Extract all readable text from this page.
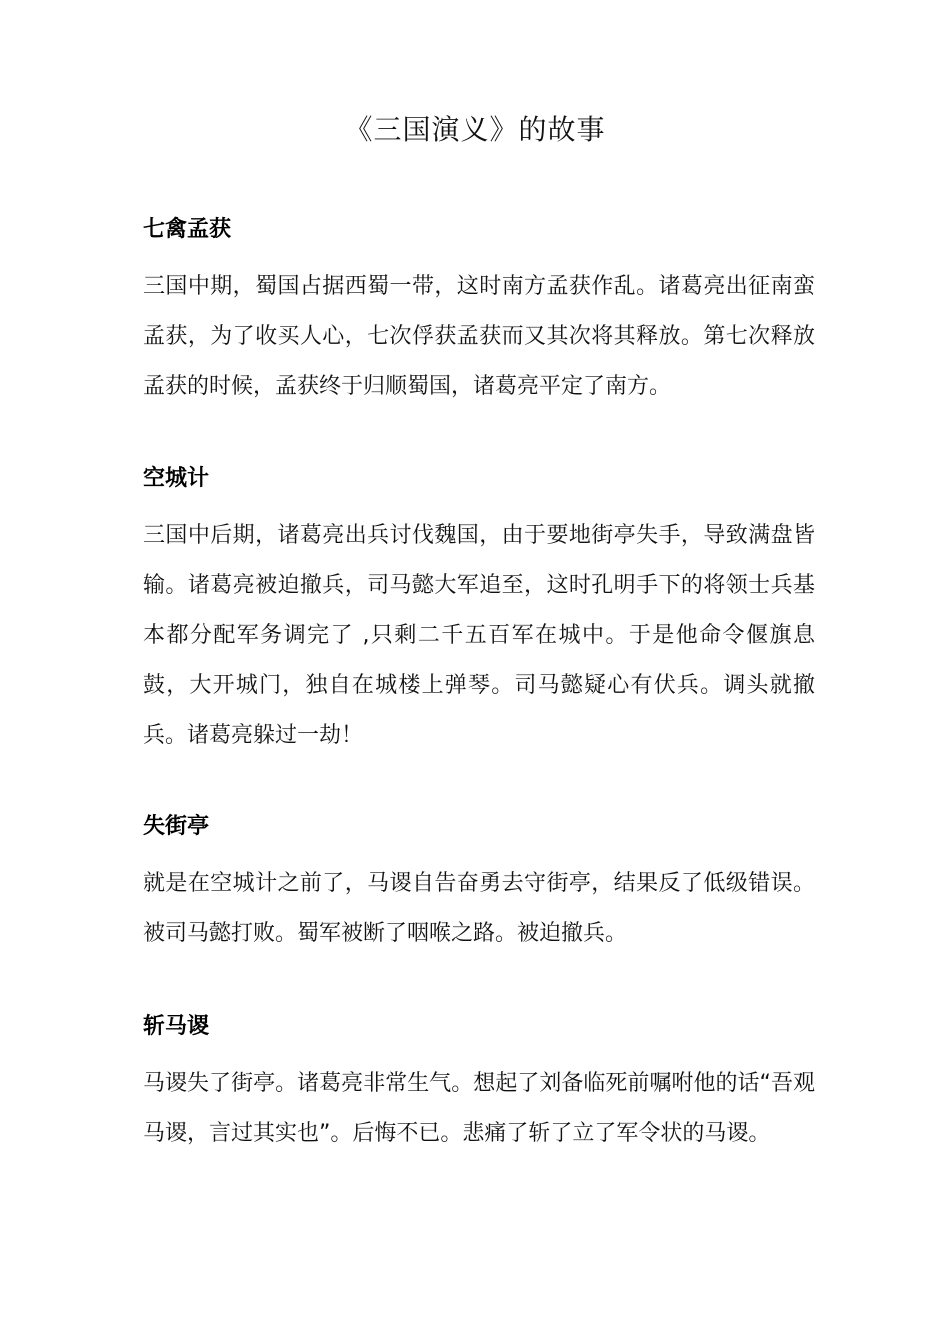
《三国演义》的故事
七禽孟获

三国中期，蜀国占据西蜀一带，这时南方孟获作乱。诸葛亮出征南蛮孟获，为了收买人心，七次俘获孟获而又其次将其释放。第七次释放孟获的时候，孟获终于归顺蜀国，诸葛亮平定了南方。

空城计

三国中后期，诸葛亮出兵讨伐魏国，由于要地街亭失手，导致满盘皆输。诸葛亮被迫撤兵，司马懿大军追至，这时孔明手下的将领士兵基本都分配军务调完了 ,只剩二千五百军在城中。于是他命令偃旗息鼓，大开城门，独自在城楼上弹琴。司马懿疑心有伏兵。调头就撤兵。诸葛亮躲过一劫！

失街亭

就是在空城计之前了，马谡自告奋勇去守街亭，结果反了低级错误。被司马懿打败。蜀军被断了咽喉之路。被迫撤兵。

斩马谡

马谡失了街亭。诸葛亮非常生气。想起了刘备临死前嘱咐他的话“吾观马谡，言过其实也”。后悔不已。悲痛了斩了立了军令状的马谡。
